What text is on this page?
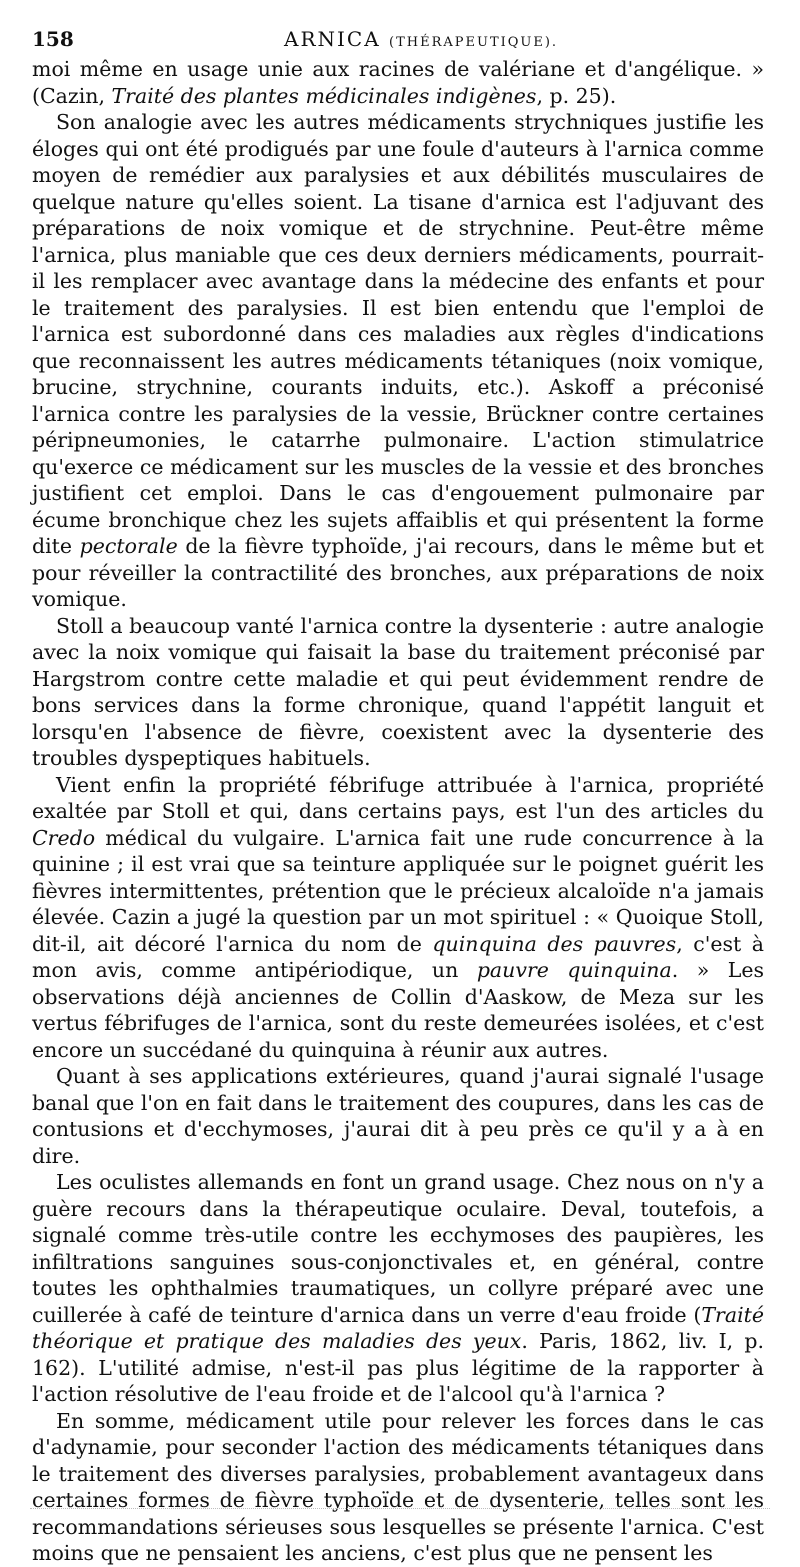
158	ARNICA (THÉRAPEUTIQUE).

moi même en usage unie aux racines de valériane et d'angélique. » (Cazin, Traité des plantes médicinales indigènes, p. 25).

Son analogie avec les autres médicaments strychniques justifie les éloges qui ont été prodigués par une foule d'auteurs à l'arnica comme moyen de remédier aux paralysies et aux débilités musculaires de quelque nature qu'elles soient. La tisane d'arnica est l'adjuvant des préparations de noix vomique et de strychnine. Peut-être même l'arnica, plus maniable que ces deux derniers médicaments, pourrait-il les remplacer avec avantage dans la médecine des enfants et pour le traitement des paralysies. Il est bien entendu que l'emploi de l'arnica est subordonné dans ces maladies aux règles d'indications que reconnaissent les autres médicaments tétaniques (noix vomique, brucine, strychnine, courants induits, etc.). Askoff a préconisé l'arnica contre les paralysies de la vessie, Brückner contre certaines péripneumonies, le catarrhe pulmonaire. L'action stimulatrice qu'exerce ce médicament sur les muscles de la vessie et des bronches justifient cet emploi. Dans le cas d'engouement pulmonaire par écume bronchique chez les sujets affaiblis et qui présentent la forme dite pectorale de la fièvre typhoïde, j'ai recours, dans le même but et pour réveiller la contractilité des bronches, aux préparations de noix vomique.

Stoll a beaucoup vanté l'arnica contre la dysenterie : autre analogie avec la noix vomique qui faisait la base du traitement préconisé par Hargstrom contre cette maladie et qui peut évidemment rendre de bons services dans la forme chronique, quand l'appétit languit et lorsqu'en l'absence de fièvre, coexistent avec la dysenterie des troubles dyspeptiques habituels.

Vient enfin la propriété fébrifuge attribuée à l'arnica, propriété exaltée par Stoll et qui, dans certains pays, est l'un des articles du Credo médical du vulgaire. L'arnica fait une rude concurrence à la quinine ; il est vrai que sa teinture appliquée sur le poignet guérit les fièvres intermittentes, prétention que le précieux alcaloïde n'a jamais élevée. Cazin a jugé la question par un mot spirituel : « Quoique Stoll, dit-il, ait décoré l'arnica du nom de quinquina des pauvres, c'est à mon avis, comme antipériodique, un pauvre quinquina. » Les observations déjà anciennes de Collin d'Aaskow, de Meza sur les vertus fébrifuges de l'arnica, sont du reste demeurées isolées, et c'est encore un succédané du quinquina à réunir aux autres.

Quant à ses applications extérieures, quand j'aurai signalé l'usage banal que l'on en fait dans le traitement des coupures, dans les cas de contusions et d'ecchymoses, j'aurai dit à peu près ce qu'il y a à en dire.

Les oculistes allemands en font un grand usage. Chez nous on n'y a guère recours dans la thérapeutique oculaire. Deval, toutefois, a signalé comme très-utile contre les ecchymoses des paupières, les infiltrations sanguines sous-conjonctivales et, en général, contre toutes les ophthalmies traumatiques, un collyre préparé avec une cuillerée à café de teinture d'arnica dans un verre d'eau froide (Traité théorique et pratique des maladies des yeux. Paris, 1862, liv. I, p. 162). L'utilité admise, n'est-il pas plus légitime de la rapporter à l'action résolutive de l'eau froide et de l'alcool qu'à l'arnica ?

En somme, médicament utile pour relever les forces dans le cas d'adynamie, pour seconder l'action des médicaments tétaniques dans le traitement des diverses paralysies, probablement avantageux dans certaines formes de fièvre typhoïde et de dysenterie, telles sont les recommandations sérieuses sous lesquelles se présente l'arnica. C'est moins que ne pensaient les anciens, c'est plus que ne pensent les
